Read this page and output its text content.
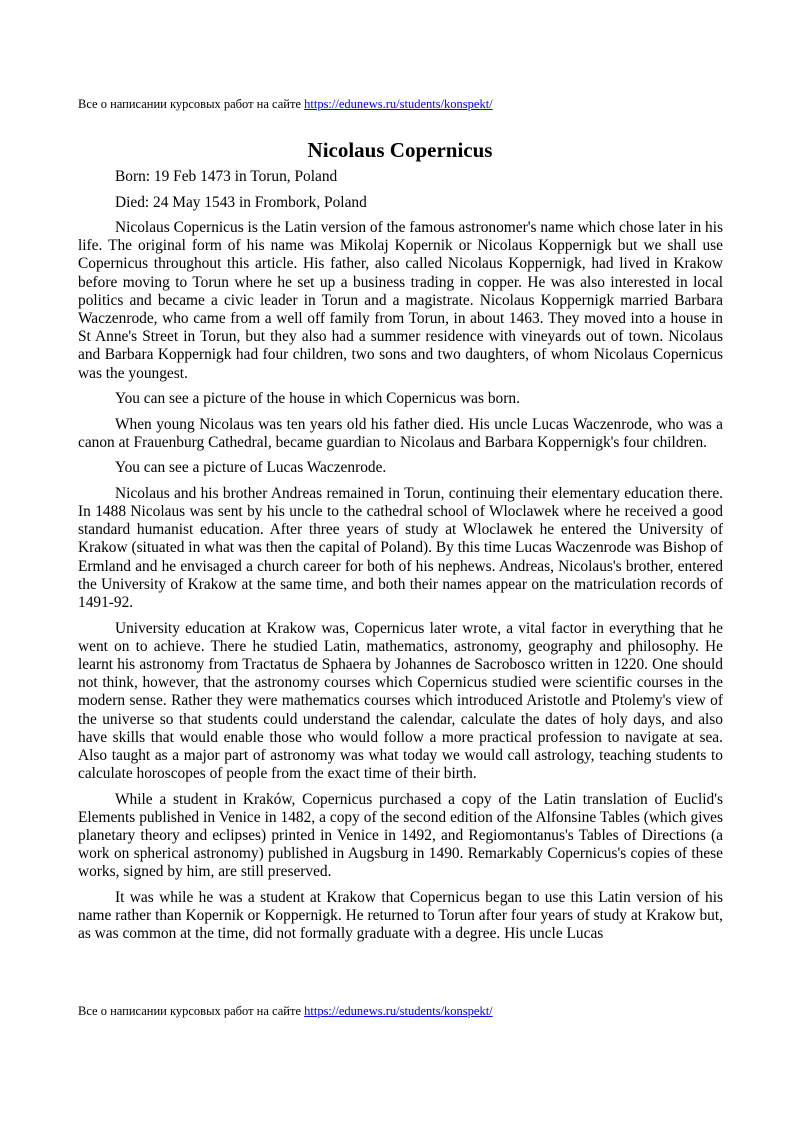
Все о написании курсовых работ на сайте https://edunews.ru/students/konspekt/
Nicolaus Copernicus

Born: 19 Feb 1473 in Torun, Poland

Died: 24 May 1543 in Frombork, Poland

Nicolaus Copernicus is the Latin version of the famous astronomer's name which chose later in his life. The original form of his name was Mikolaj Kopernik or Nicolaus Koppernigk but we shall use Copernicus throughout this article. His father, also called Nicolaus Koppernigk, had lived in Krakow before moving to Torun where he set up a business trading in copper. He was also interested in local politics and became a civic leader in Torun and a magistrate. Nicolaus Koppernigk married Barbara Waczenrode, who came from a well off family from Torun, in about 1463. They moved into a house in St Anne's Street in Torun, but they also had a summer residence with vineyards out of town. Nicolaus and Barbara Koppernigk had four children, two sons and two daughters, of whom Nicolaus Copernicus was the youngest.

You can see a picture of the house in which Copernicus was born.

When young Nicolaus was ten years old his father died. His uncle Lucas Waczenrode, who was a canon at Frauenburg Cathedral, became guardian to Nicolaus and Barbara Koppernigk's four children.

You can see a picture of Lucas Waczenrode.

Nicolaus and his brother Andreas remained in Torun, continuing their elementary education there. In 1488 Nicolaus was sent by his uncle to the cathedral school of Wloclawek where he received a good standard humanist education. After three years of study at Wloclawek he entered the University of Krakow (situated in what was then the capital of Poland). By this time Lucas Waczenrode was Bishop of Ermland and he envisaged a church career for both of his nephews. Andreas, Nicolaus's brother, entered the University of Krakow at the same time, and both their names appear on the matriculation records of 1491-92.

University education at Krakow was, Copernicus later wrote, a vital factor in everything that he went on to achieve. There he studied Latin, mathematics, astronomy, geography and philosophy. He learnt his astronomy from Tractatus de Sphaera by Johannes de Sacrobosco written in 1220. One should not think, however, that the astronomy courses which Copernicus studied were scientific courses in the modern sense. Rather they were mathematics courses which introduced Aristotle and Ptolemy's view of the universe so that students could understand the calendar, calculate the dates of holy days, and also have skills that would enable those who would follow a more practical profession to navigate at sea. Also taught as a major part of astronomy was what today we would call astrology, teaching students to calculate horoscopes of people from the exact time of their birth.

While a student in Kraków, Copernicus purchased a copy of the Latin translation of Euclid's Elements published in Venice in 1482, a copy of the second edition of the Alfonsine Tables (which gives planetary theory and eclipses) printed in Venice in 1492, and Regiomontanus's Tables of Directions (a work on spherical astronomy) published in Augsburg in 1490. Remarkably Copernicus's copies of these works, signed by him, are still preserved.

It was while he was a student at Krakow that Copernicus began to use this Latin version of his name rather than Kopernik or Koppernigk. He returned to Torun after four years of study at Krakow but, as was common at the time, did not formally graduate with a degree. His uncle Lucas

Все о написании курсовых работ на сайте https://edunews.ru/students/konspekt/
